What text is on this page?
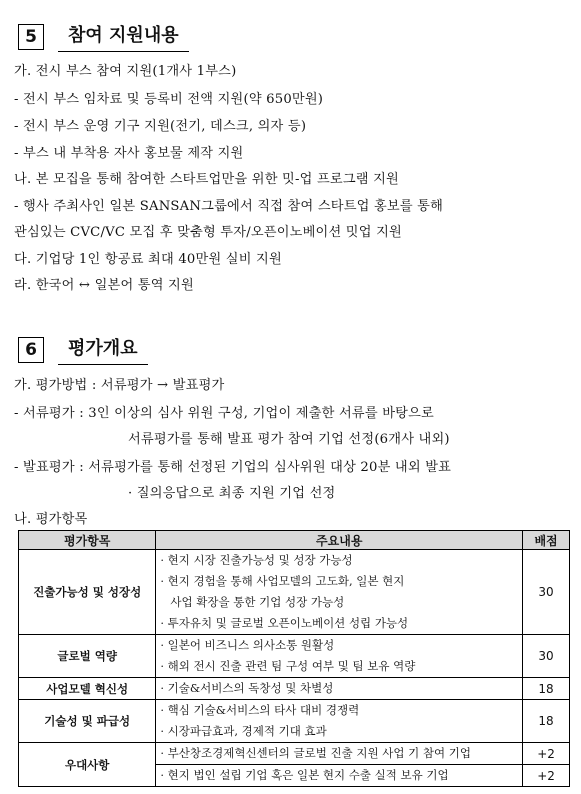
5	참여 지원내용
가. 전시 부스 참여 지원(1개사 1부스)
- 전시 부스 임차료 및 등록비 전액 지원(약 650만원)
- 전시 부스 운영 기구 지원(전기, 데스크, 의자 등)
- 부스 내 부착용 자사 홍보물 제작 지원
나. 본 모집을 통해 참여한 스타트업만을 위한 밋-업 프로그램 지원
- 행사 주최사인 일본 SANSAN그룹에서 직접 참여 스타트업 홍보를 통해
관심있는 CVC/VC 모집 후 맞춤형 투자/오픈이노베이션 밋업 지원
다. 기업당 1인 항공료 최대 40만원 실비 지원
라. 한국어 ↔ 일본어 통역 지원
6	평가개요
가. 평가방법 : 서류평가 → 발표평가
- 서류평가 : 3인 이상의 심사 위원 구성, 기업이 제출한 서류를 바탕으로
서류평가를 통해 발표 평가 참여 기업 선정(6개사 내외)
- 발표평가 : 서류평가를 통해 선정된 기업의 심사위원 대상 20분 내외 발표
· 질의응답으로 최종 지원 기업 선정
나. 평가항목
평가항목	주요내용	배점
진출가능성 및 성장성	· 현지 시장 진출가능성 및 성장 가능성
· 현지 경험을 통해 사업모델의 고도화, 일본 현지
사업 확장을 통한 기업 성장 가능성
· 투자유치 및 글로벌 오픈이노베이션 성립 가능성	30
글로벌 역량	· 일본어 비즈니스 의사소통 원활성
· 해외 전시 진출 관련 팀 구성 여부 및 팀 보유 역량	30
사업모델 혁신성	· 기술&서비스의 독창성 및 차별성	18
기술성 및 파급성	· 핵심 기술&서비스의 타사 대비 경쟁력
· 시장파급효과, 경제적 기대 효과	18
우대사항	· 부산창조경제혁신센터의 글로벌 진출 지원 사업 기 참여 기업	+2

	· 현지 법인 설립 기업 혹은 일본 현지 수출 실적 보유 기업	+2
